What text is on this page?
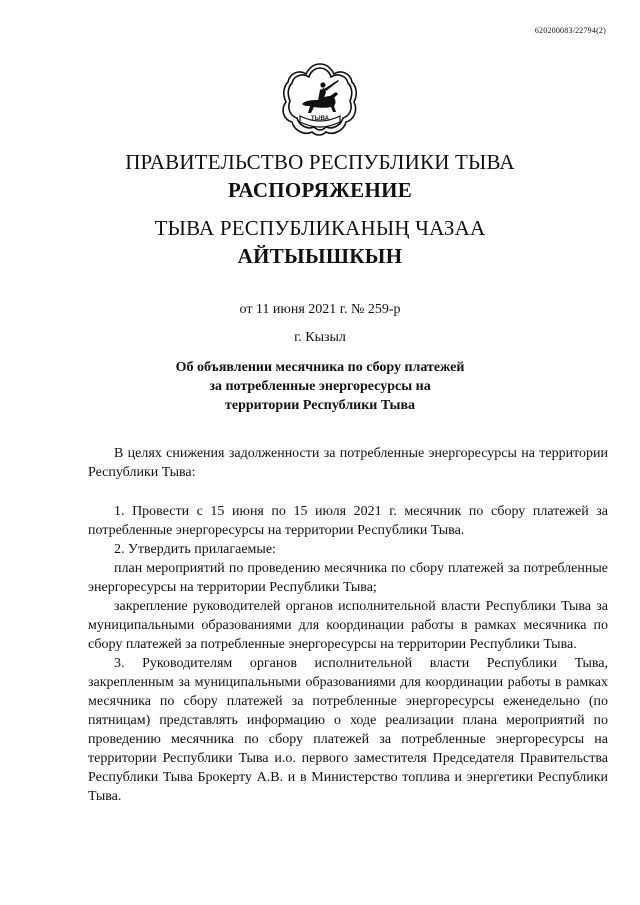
620200083/22794(2)
ТЫВА
ПРАВИТЕЛЬСТВО РЕСПУБЛИКИ ТЫВА
РАСПОРЯЖЕНИЕ
ТЫВА РЕСПУБЛИКАНЫҢ ЧАЗАА
АЙТЫЫШКЫН
от 11 июня 2021 г. № 259-р
г. Кызыл
Об объявлении месячника по сбору платежей
за потребленные энергоресурсы на
территории Республики Тыва

В целях снижения задолженности за потребленные энергоресурсы на территории Республики Тыва:

1. Провести с 15 июня по 15 июля 2021 г. месячник по сбору платежей за потребленные энергоресурсы на территории Республики Тыва.

2. Утвердить прилагаемые:

план мероприятий по проведению месячника по сбору платежей за потребленные энергоресурсы на территории Республики Тыва;

закрепление руководителей органов исполнительной власти Республики Тыва за муниципальными образованиями для координации работы в рамках месячника по сбору платежей за потребленные энергоресурсы на территории Республики Тыва.

3. Руководителям органов исполнительной власти Республики Тыва, закрепленным за муниципальными образованиями для координации работы в рамках месячника по сбору платежей за потребленные энергоресурсы еженедельно (по пятницам) представлять информацию о ходе реализации плана мероприятий по проведению месячника по сбору платежей за потребленные энергоресурсы на территории Республики Тыва и.о. первого заместителя Председателя Правительства Республики Тыва Брокерту А.В. и в Министерство топлива и энергетики Республики Тыва.
